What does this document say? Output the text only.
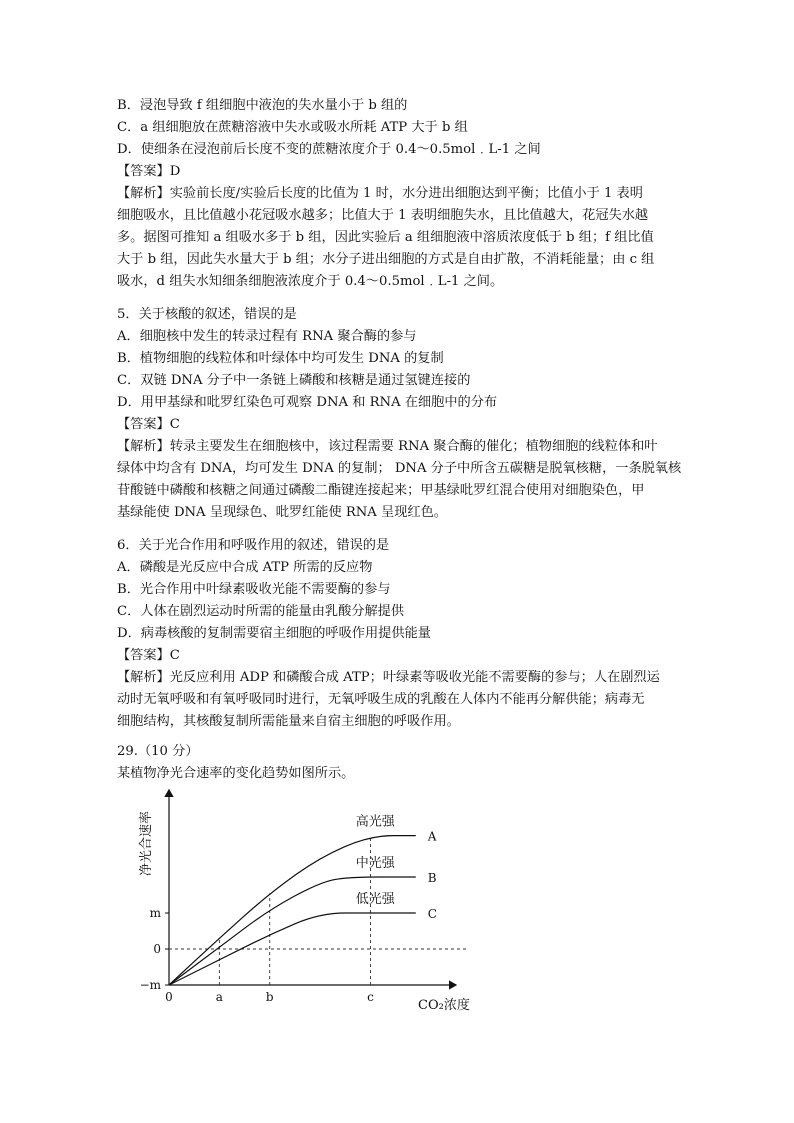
B．浸泡导致 f 组细胞中液泡的失水量小于 b 组的
C．a 组细胞放在蔗糖溶液中失水或吸水所耗 ATP 大于 b 组
D．使细条在浸泡前后长度不变的蔗糖浓度介于 0.4～0.5mol﹒L-1 之间
【答案】D
【解析】实验前长度/实验后长度的比值为 1 时，水分进出细胞达到平衡；比值小于 1 表明
细胞吸水，且比值越小花冠吸水越多；比值大于 1 表明细胞失水，且比值越大，花冠失水越
多。据图可推知 a 组吸水多于 b 组，因此实验后 a 组细胞液中溶质浓度低于 b 组；f 组比值
大于 b 组，因此失水量大于 b 组；水分子进出细胞的方式是自由扩散，不消耗能量；由 c 组
吸水，d 组失水知细条细胞液浓度介于 0.4～0.5mol﹒L-1 之间。
5．关于核酸的叙述，错误的是
A．细胞核中发生的转录过程有 RNA 聚合酶的参与
B．植物细胞的线粒体和叶绿体中均可发生 DNA 的复制
C．双链 DNA 分子中一条链上磷酸和核糖是通过氢键连接的
D．用甲基绿和吡罗红染色可观察 DNA 和 RNA 在细胞中的分布
【答案】C
【解析】转录主要发生在细胞核中，该过程需要 RNA 聚合酶的催化；植物细胞的线粒体和叶
绿体中均含有 DNA，均可发生 DNA 的复制； DNA 分子中所含五碳糖是脱氧核糖，一条脱氧核
苷酸链中磷酸和核糖之间通过磷酸二酯键连接起来；甲基绿吡罗红混合使用对细胞染色，甲
基绿能使 DNA 呈现绿色、吡罗红能使 RNA 呈现红色。
6．关于光合作用和呼吸作用的叙述，错误的是
A．磷酸是光反应中合成 ATP 所需的反应物
B．光合作用中叶绿素吸收光能不需要酶的参与
C．人体在剧烈运动时所需的能量由乳酸分解提供
D．病毒核酸的复制需要宿主细胞的呼吸作用提供能量
【答案】C
【解析】光反应利用 ADP 和磷酸合成 ATP；叶绿素等吸收光能不需要酶的参与；人在剧烈运
动时无氧呼吸和有氧呼吸同时进行，无氧呼吸生成的乳酸在人体内不能再分解供能；病毒无
细胞结构，其核酸复制所需能量来自宿主细胞的呼吸作用。
29.（10 分）
某植物净光合速率的变化趋势如图所示。
净光合速率	高光强
A
中光强
B
低光强
C
m
0
−m
0	a	b	c
CO₂浓度
